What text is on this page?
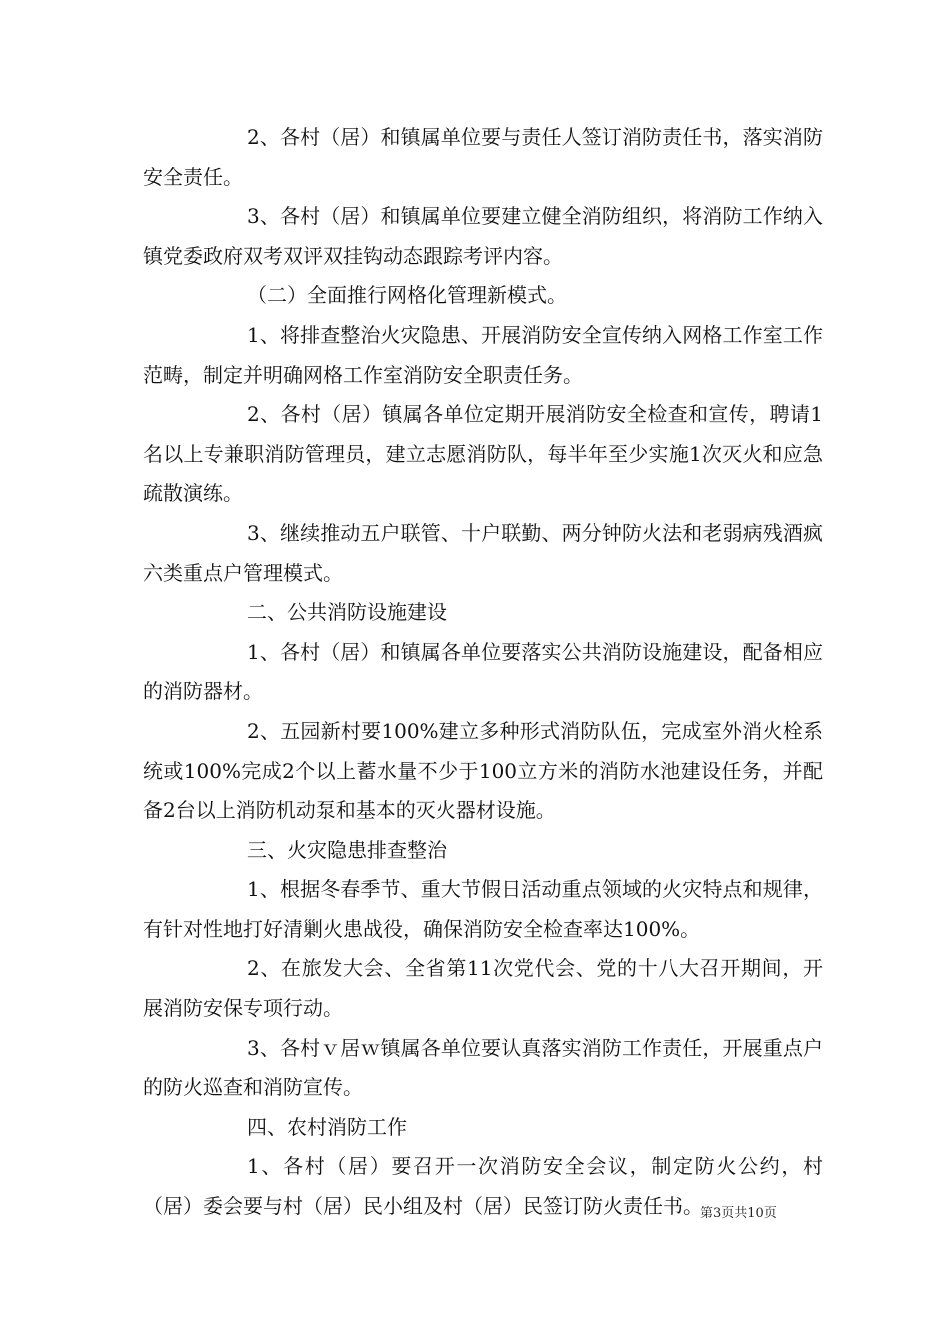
2、各村（居）和镇属单位要与责任人签订消防责任书，落实消防安全责任。

3、各村（居）和镇属单位要建立健全消防组织，将消防工作纳入镇党委政府双考双评双挂钩动态跟踪考评内容。

（二）全面推行网格化管理新模式。

1、将排查整治火灾隐患、开展消防安全宣传纳入网格工作室工作范畴，制定并明确网格工作室消防安全职责任务。

2、各村（居）镇属各单位定期开展消防安全检查和宣传，聘请1名以上专兼职消防管理员，建立志愿消防队，每半年至少实施1次灭火和应急疏散演练。

3、继续推动五户联管、十户联勤、两分钟防火法和老弱病残酒疯六类重点户管理模式。

二、公共消防设施建设

1、各村（居）和镇属各单位要落实公共消防设施建设，配备相应的消防器材。

2、五园新村要100%建立多种形式消防队伍，完成室外消火栓系统或100%完成2个以上蓄水量不少于100立方米的消防水池建设任务，并配备2台以上消防机动泵和基本的灭火器材设施。

三、火灾隐患排查整治

1、根据冬春季节、重大节假日活动重点领域的火灾特点和规律，有针对性地打好清剿火患战役，确保消防安全检查率达100%。

2、在旅发大会、全省第11次党代会、党的十八大召开期间，开展消防安保专项行动。

3、各村ｖ居ｗ镇属各单位要认真落实消防工作责任，开展重点户的防火巡查和消防宣传。

四、农村消防工作

1、各村（居）要召开一次消防安全会议，制定防火公约，村（居）委会要与村（居）民小组及村（居）民签订防火责任书。

第3页共10页
